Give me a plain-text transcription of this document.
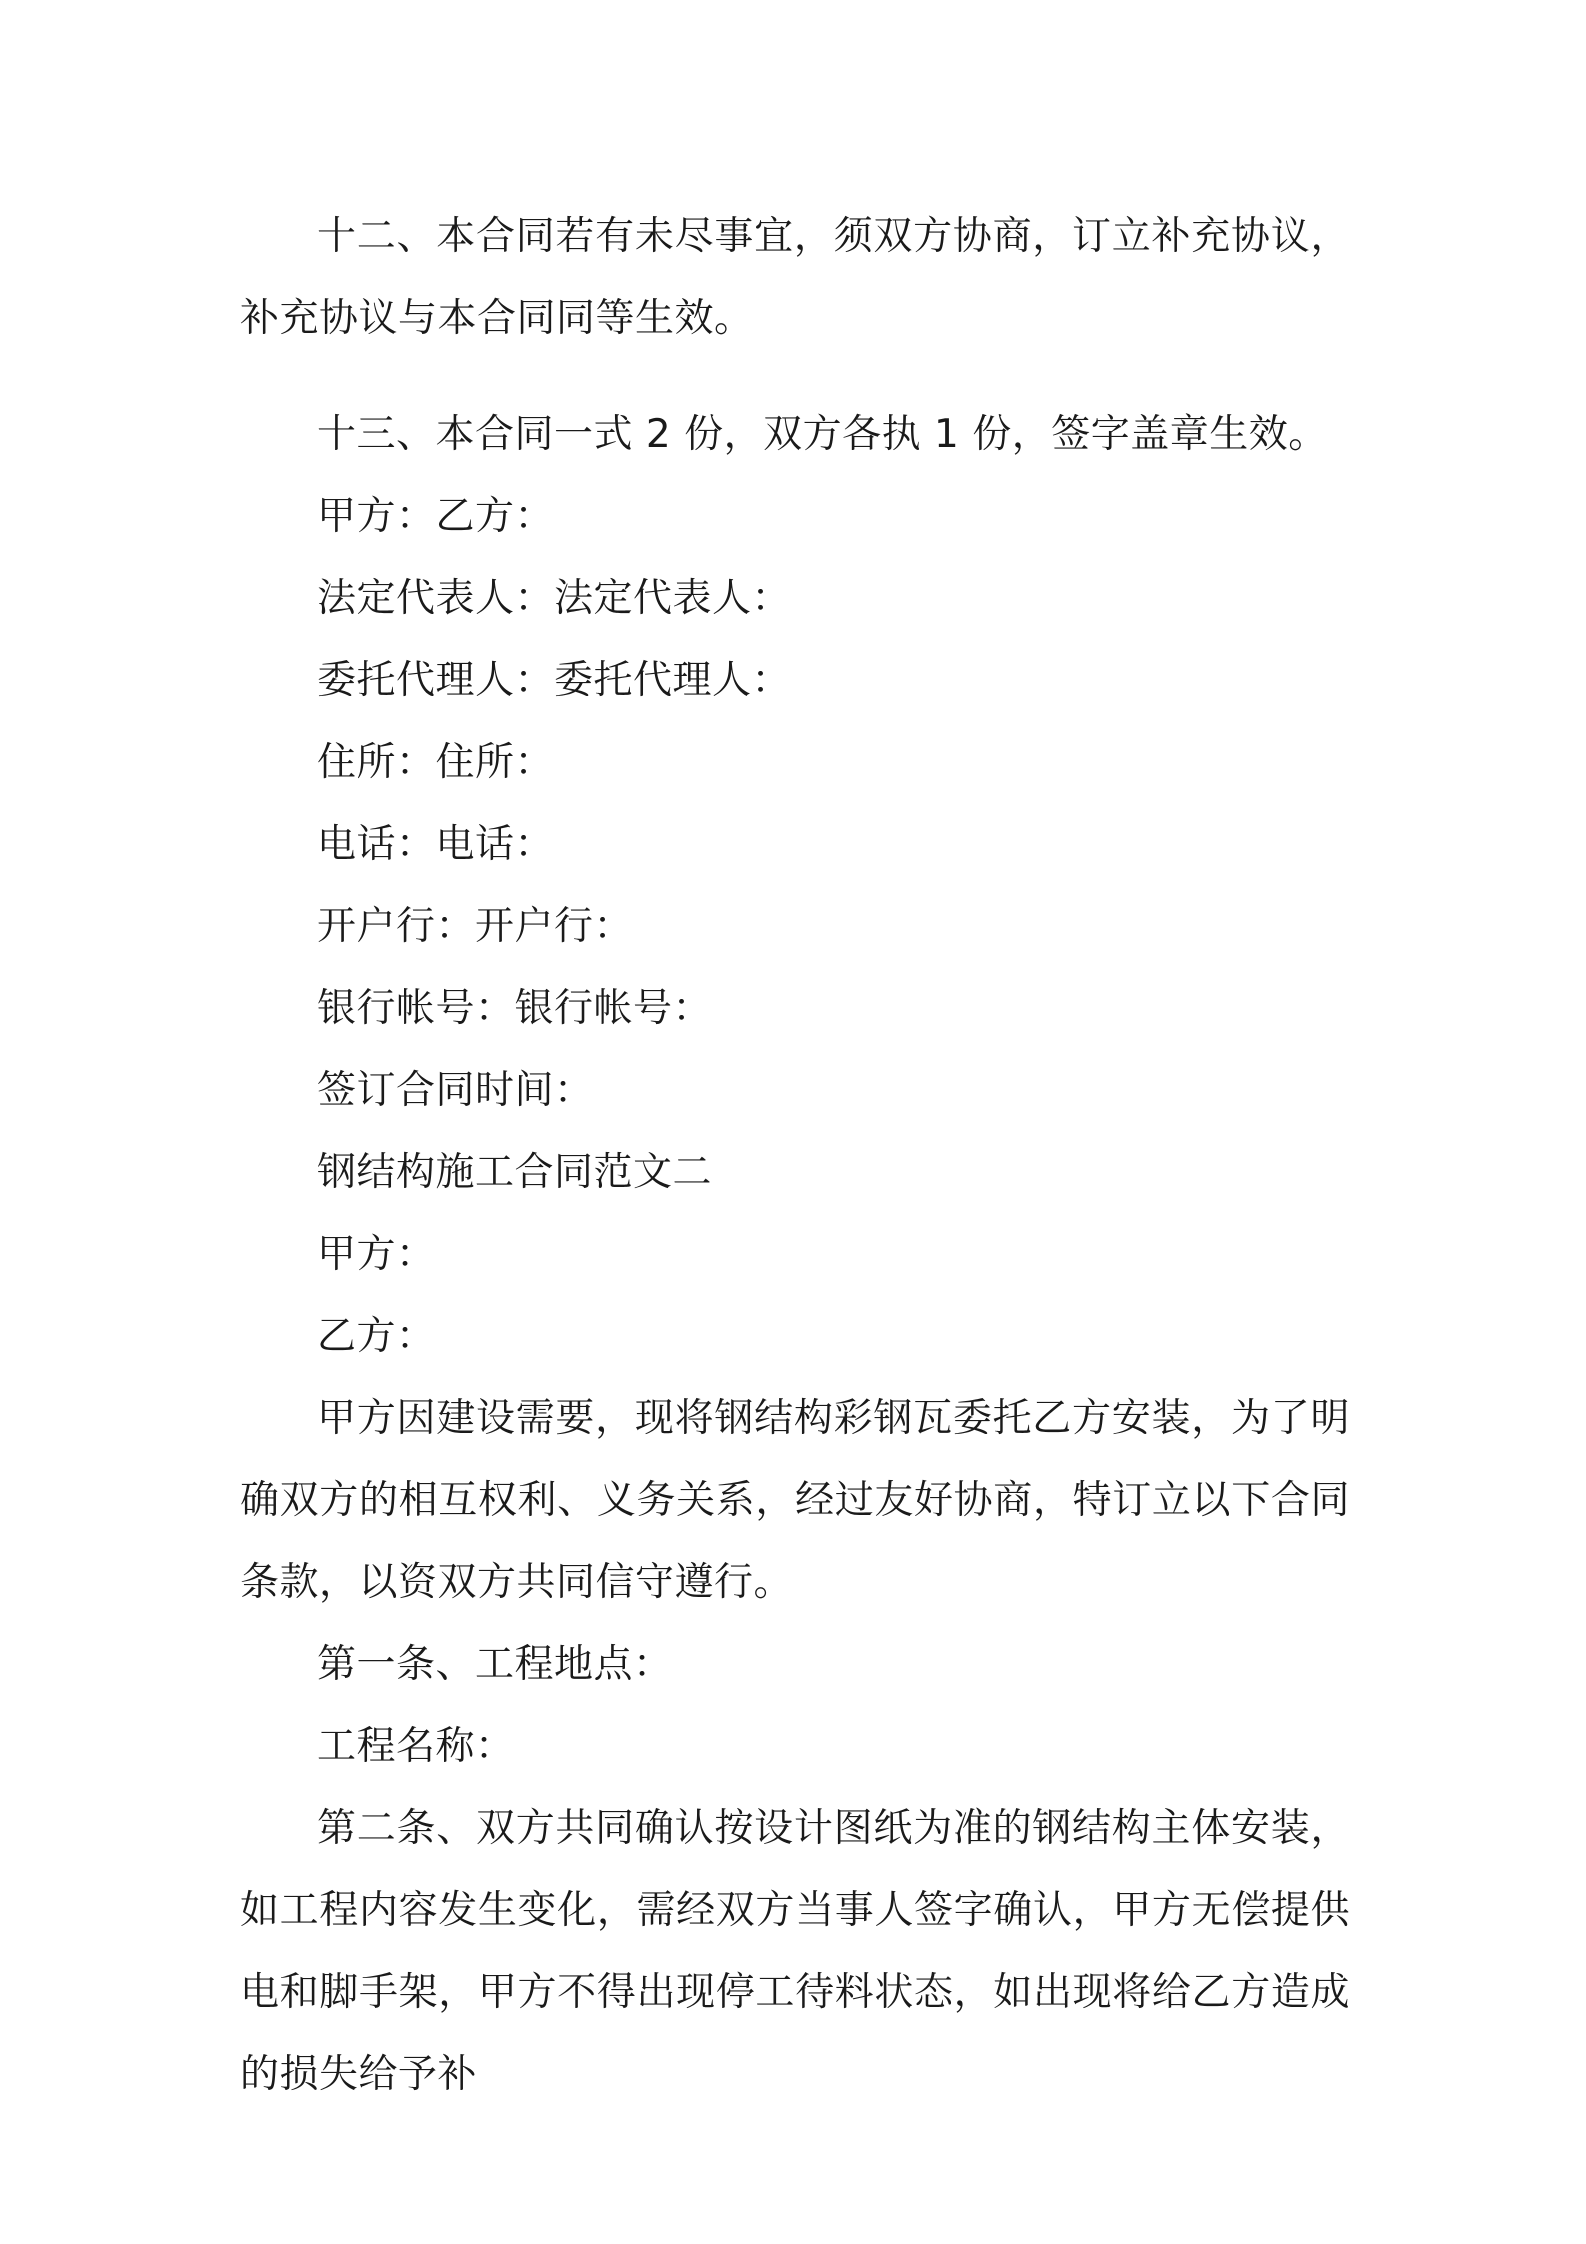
十二、本合同若有未尽事宜，须双方协商，订立补充协议，补充协议与本合同同等生效。

十三、本合同一式 2 份，双方各执 1 份，签字盖章生效。

甲方：乙方：

法定代表人：法定代表人：

委托代理人：委托代理人：

住所：住所：

电话：电话：

开户行：开户行：

银行帐号：银行帐号：

签订合同时间：

钢结构施工合同范文二

甲方：

乙方：

甲方因建设需要，现将钢结构彩钢瓦委托乙方安装，为了明确双方的相互权利、义务关系，经过友好协商，特订立以下合同条款，以资双方共同信守遵行。

第一条、工程地点：

工程名称：

第二条、双方共同确认按设计图纸为准的钢结构主体安装，如工程内容发生变化，需经双方当事人签字确认，甲方无偿提供电和脚手架，甲方不得出现停工待料状态，如出现将给乙方造成的损失给予补
